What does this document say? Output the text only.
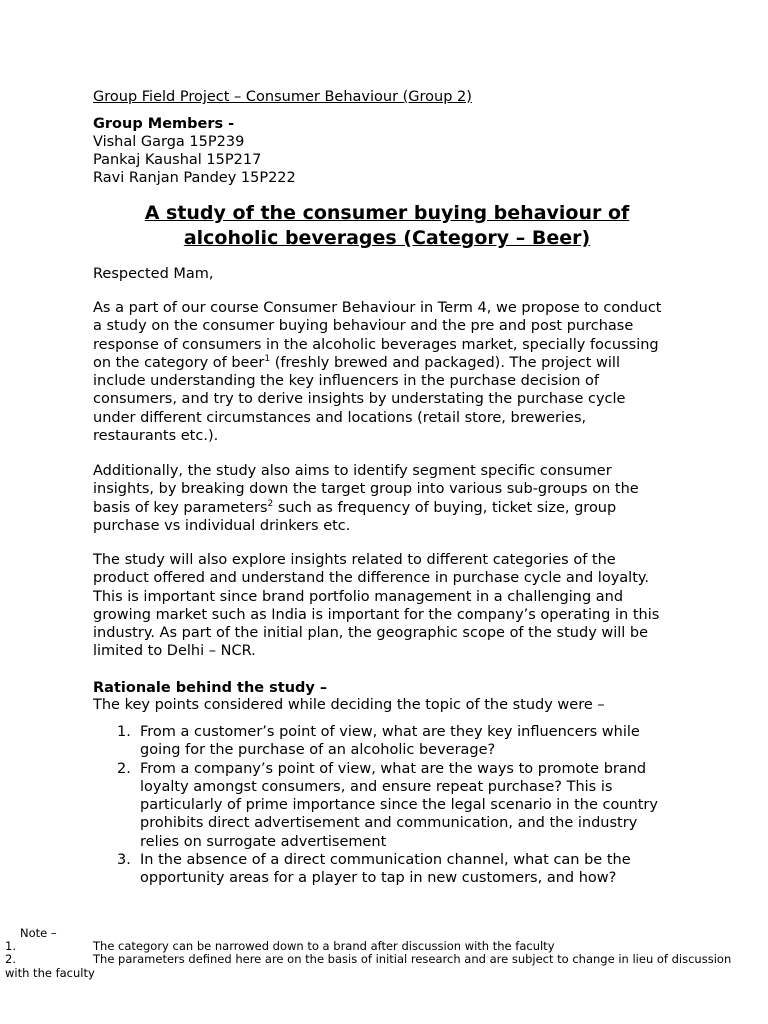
Group Field Project – Consumer Behaviour (Group 2)

Group Members -

Vishal Garga 15P239
Pankaj Kaushal 15P217
Ravi Ranjan Pandey 15P222
A study of the consumer buying behaviour of
alcoholic beverages (Category – Beer)

Respected Mam,

As a part of our course Consumer Behaviour in Term 4, we propose to conduct a study on the consumer buying behaviour and the pre and post purchase response of consumers in the alcoholic beverages market, specially focussing on the category of beer$^1$ (freshly brewed and packaged). The project will include understanding the key influencers in the purchase decision of consumers, and try to derive insights by understating the purchase cycle under different circumstances and locations (retail store, breweries, restaurants etc.).

Additionally, the study also aims to identify segment specific consumer insights, by breaking down the target group into various sub-groups on the basis of key parameters$^2$ such as frequency of buying, ticket size, group purchase vs individual drinkers etc.

The study will also explore insights related to different categories of the product offered and understand the difference in purchase cycle and loyalty. This is important since brand portfolio management in a challenging and growing market such as India is important for the company’s operating in this industry. As part of the initial plan, the geographic scope of the study will be limited to Delhi – NCR.

Rationale behind the study –

The key points considered while deciding the topic of the study were –

1. From a customer’s point of view, what are they key influencers while going for the purchase of an alcoholic beverage?
2. From a company’s point of view, what are the ways to promote brand loyalty amongst consumers, and ensure repeat purchase? This is particularly of prime importance since the legal scenario in the country prohibits direct advertisement and communication, and the industry relies on surrogate advertisement
3. In the absence of a direct communication channel, what can be the opportunity areas for a player to tap in new customers, and how?
Note –
1.	The category can be narrowed down to a brand after discussion with the faculty
2.	The parameters defined here are on the basis of initial research and are subject to change in lieu of discussion with the faculty
